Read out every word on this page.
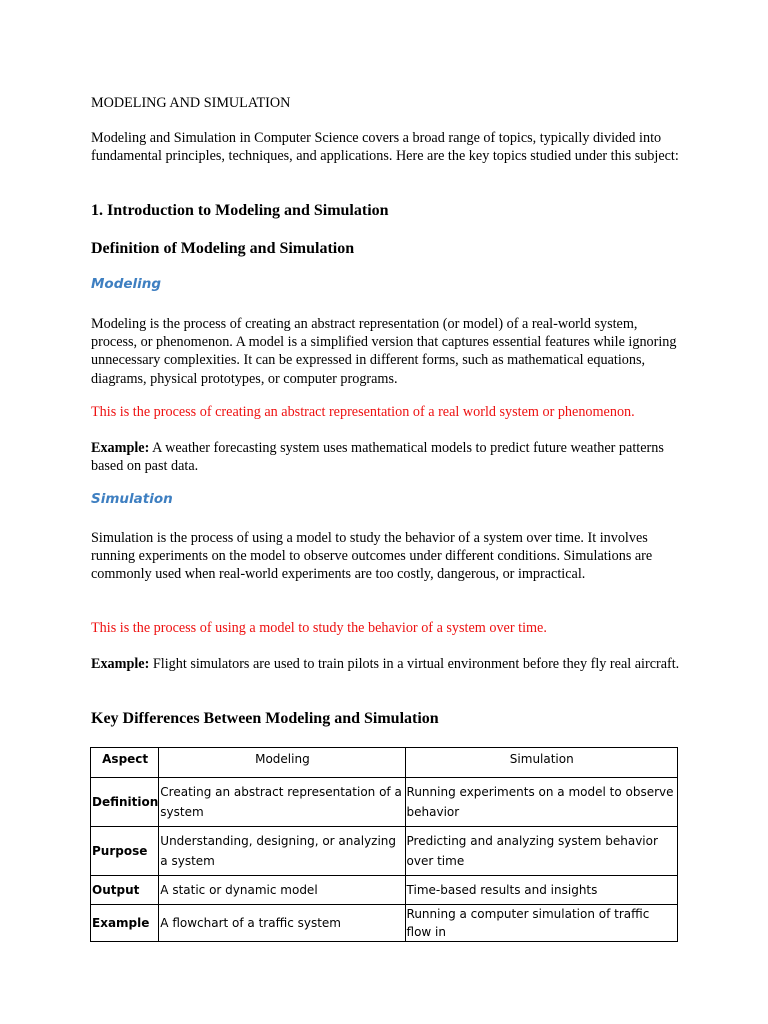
MODELING AND SIMULATION

Modeling and Simulation in Computer Science covers a broad range of topics, typically divided into fundamental principles, techniques, and applications. Here are the key topics studied under this subject:

1. Introduction to Modeling and Simulation
Definition of Modeling and Simulation
Modeling

Modeling is the process of creating an abstract representation (or model) of a real-world system, process, or phenomenon. A model is a simplified version that captures essential features while ignoring unnecessary complexities. It can be expressed in different forms, such as mathematical equations, diagrams, physical prototypes, or computer programs.

This is the process of creating an abstract representation of a real world system or phenomenon.

Example: A weather forecasting system uses mathematical models to predict future weather patterns based on past data.

Simulation

Simulation is the process of using a model to study the behavior of a system over time. It involves running experiments on the model to observe outcomes under different conditions. Simulations are commonly used when real-world experiments are too costly, dangerous, or impractical.

This is the process of using a model to study the behavior of a system over time.

Example: Flight simulators are used to train pilots in a virtual environment before they fly real aircraft.

Key Differences Between Modeling and Simulation
Aspect	Modeling	Simulation
Definition	Creating an abstract representation of a system	Running experiments on a model to observe behavior
Purpose	Understanding, designing, or analyzing a system	Predicting and analyzing system behavior over time
Output	A static or dynamic model	Time-based results and insights
Example	A flowchart of a traffic system	Running a computer simulation of traffic flow in
